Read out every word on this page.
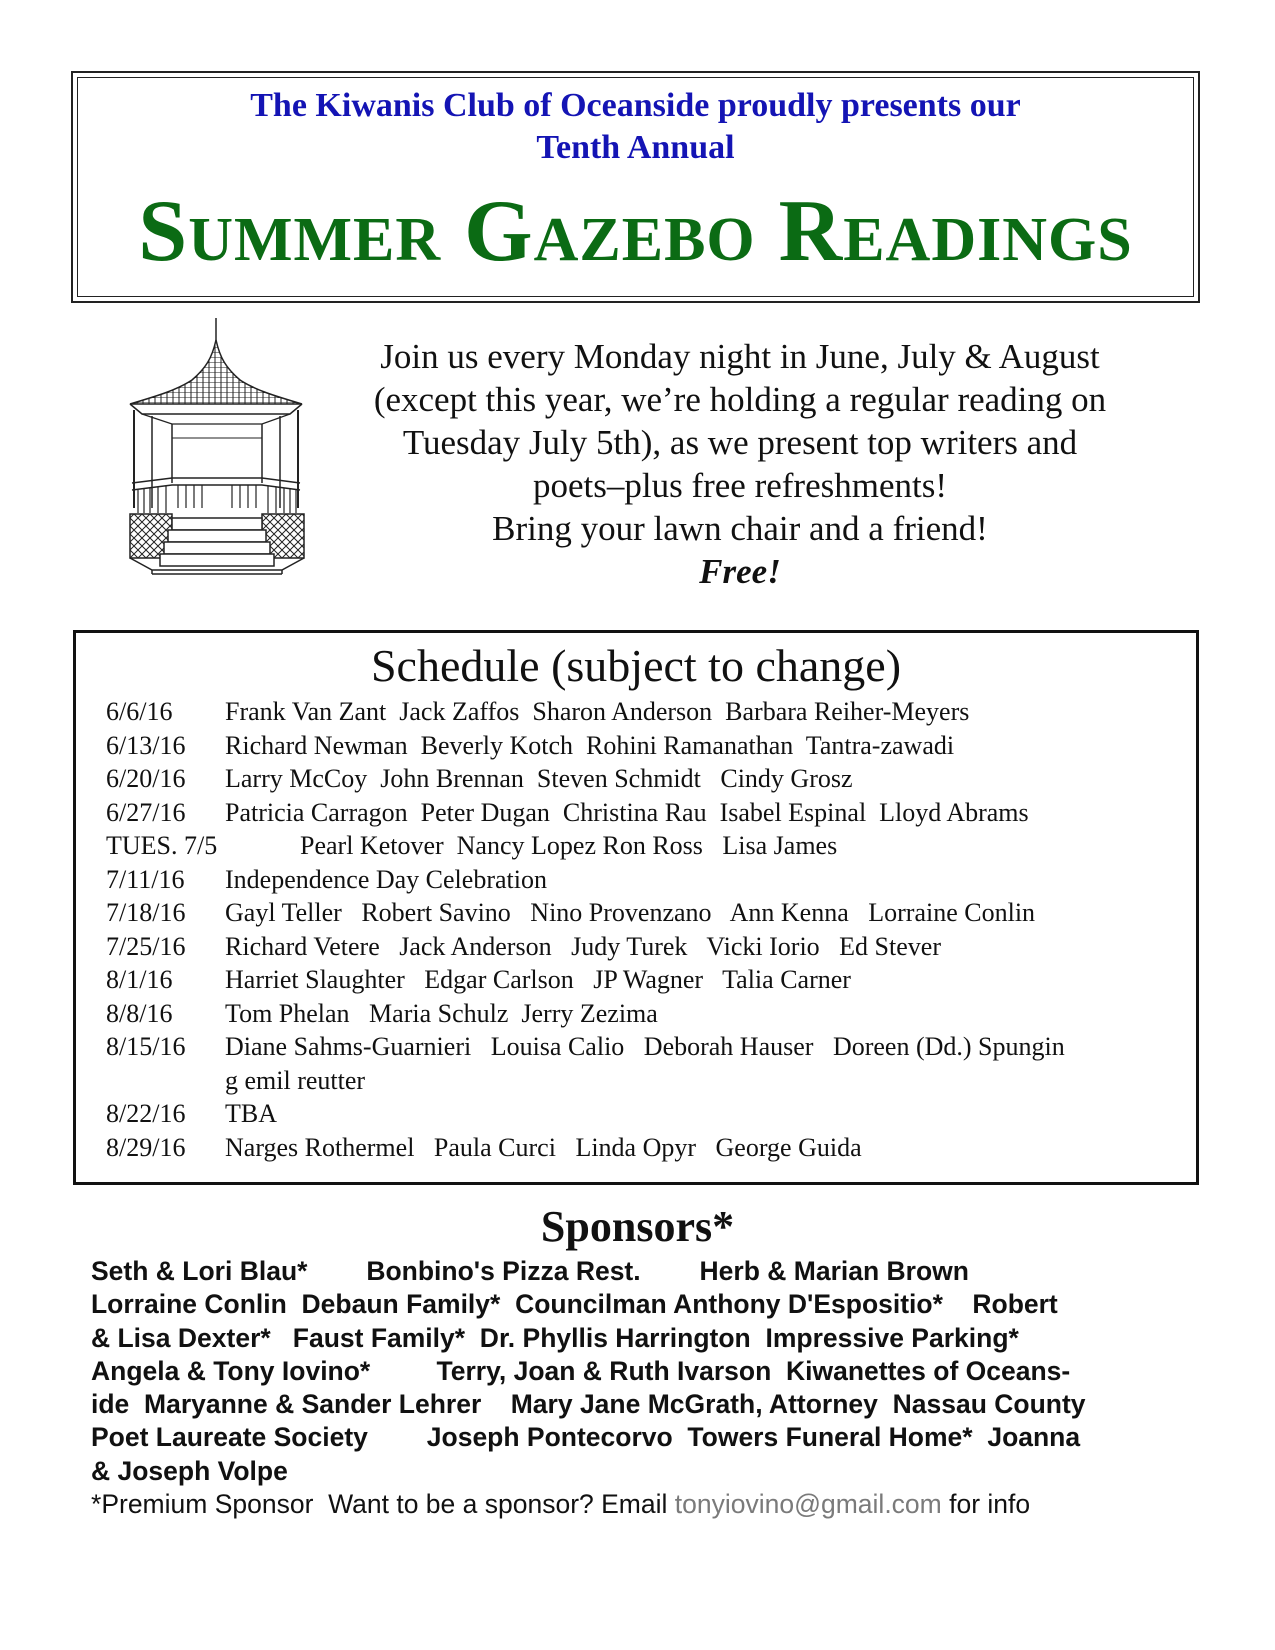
The Kiwanis Club of Oceanside proudly presents our
Tenth Annual
Summer Gazebo Readings
Join us every Monday night in June, July & August
(except this year, we’re holding a regular reading on
Tuesday July 5th), as we present top writers and
poets–plus free refreshments!
Bring your lawn chair and a friend!
Free!
Schedule (subject to change)
6/6/16 Frank Van Zant  Jack Zaffos  Sharon Anderson  Barbara Reiher-Meyers
6/13/16 Richard Newman  Beverly Kotch  Rohini Ramanathan  Tantra-zawadi
6/20/16 Larry McCoy  John Brennan  Steven Schmidt   Cindy Grosz
6/27/16 Patricia Carragon  Peter Dugan  Christina Rau  Isabel Espinal  Lloyd Abrams
TUES. 7/5	Pearl Ketover  Nancy Lopez Ron Ross   Lisa James
7/11/16 Independence Day Celebration
7/18/16 Gayl Teller   Robert Savino   Nino Provenzano   Ann Kenna   Lorraine Conlin
7/25/16 Richard Vetere   Jack Anderson   Judy Turek   Vicki Iorio   Ed Stever
8/1/16 Harriet Slaughter   Edgar Carlson   JP Wagner   Talia Carner
8/8/16 Tom Phelan   Maria Schulz  Jerry Zezima
8/15/16 Diane Sahms-Guarnieri   Louisa Calio   Deborah Hauser   Doreen (Dd.) Spungin
g emil reutter
8/22/16 TBA
8/29/16 Narges Rothermel   Paula Curci   Linda Opyr   George Guida
Sponsors*
Seth & Lori Blau*        Bonbino's Pizza Rest.        Herb & Marian Brown
Lorraine Conlin  Debaun Family*  Councilman Anthony D'Espositio*    Robert
& Lisa Dexter*   Faust Family*  Dr. Phyllis Harrington  Impressive Parking*
Angela & Tony Iovino*         Terry, Joan & Ruth Ivarson  Kiwanettes of Oceans-
ide  Maryanne & Sander Lehrer    Mary Jane McGrath, Attorney  Nassau County
Poet Laureate Society        Joseph Pontecorvo  Towers Funeral Home*  Joanna
& Joseph Volpe
*Premium Sponsor  Want to be a sponsor? Email tonyiovino@gmail.com for info
